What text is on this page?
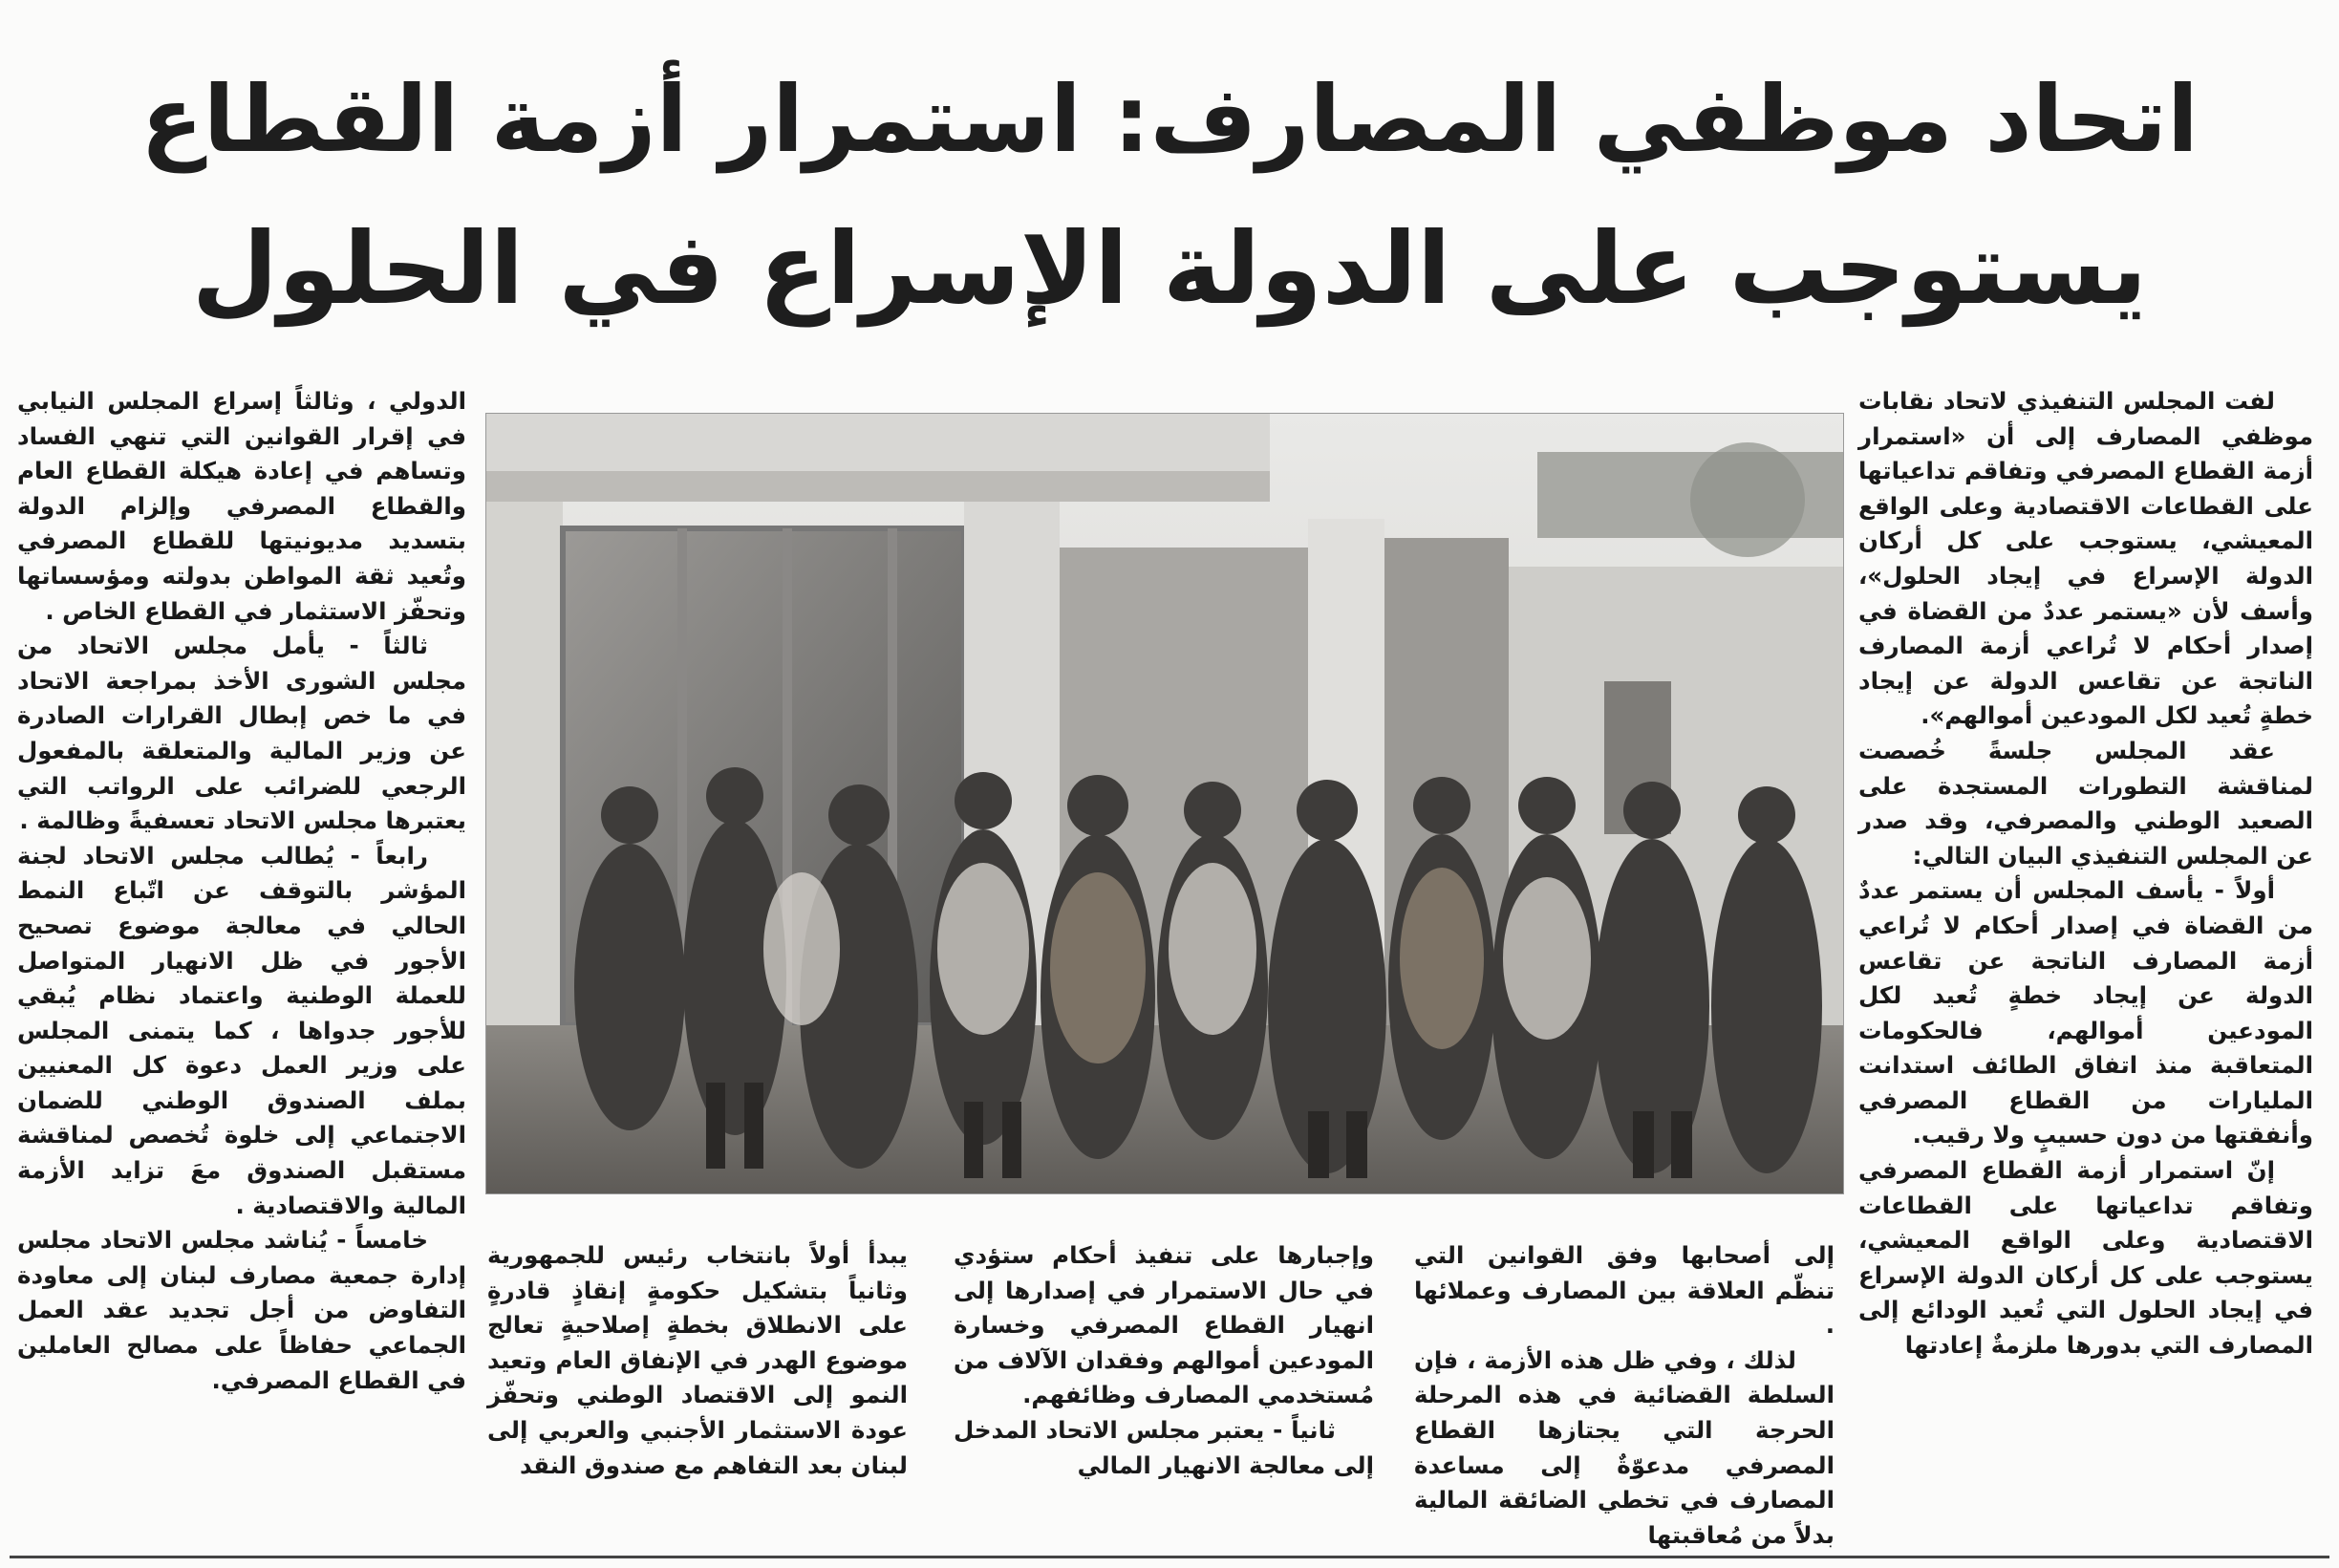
اتحاد موظفي المصارف: استمرار أزمة القطاع
يستوجب على الدولة الإسراع في الحلول

لفت المجلس التنفيذي لاتحاد نقابات موظفي المصارف إلى أن «استمرار أزمة القطاع المصرفي وتفاقم تداعياتها على القطاعات الاقتصادية وعلى الواقع المعيشي، يستوجب على كل أركان الدولة الإسراع في إيجاد الحلول»، وأسف لأن «يستمر عددٌ من القضاة في إصدار أحكام لا تُراعي أزمة المصارف الناتجة عن تقاعس الدولة عن إيجاد خطةٍ تُعيد لكل المودعين أموالهم».

عقد المجلس جلسةً خُصصت لمناقشة التطورات المستجدة على الصعيد الوطني والمصرفي، وقد صدر عن المجلس التنفيذي البيان التالي:

أولاً - يأسف المجلس أن يستمر عددٌ من القضاة في إصدار أحكام لا تُراعي أزمة المصارف الناتجة عن تقاعس الدولة عن إيجاد خطةٍ تُعيد لكل المودعين أموالهم، فالحكومات المتعاقبة منذ اتفاق الطائف استدانت المليارات من القطاع المصرفي وأنفقتها من دون حسيبٍ ولا رقيب.

إنّ استمرار أزمة القطاع المصرفي وتفاقم تداعياتها على القطاعات الاقتصادية وعلى الواقع المعيشي، يستوجب على كل أركان الدولة الإسراع في إيجاد الحلول التي تُعيد الودائع إلى المصارف التي بدورها ملزمةٌ إعادتها

إلى أصحابها وفق القوانين التي تنظّم العلاقة بين المصارف وعملائها .

لذلك ، وفي ظل هذه الأزمة ، فإن السلطة القضائية في هذه المرحلة الحرجة التي يجتازها القطاع المصرفي مدعوّةٌ إلى مساعدة المصارف في تخطي الضائقة المالية بدلاً من مُعاقبتها

وإجبارها على تنفيذ أحكام ستؤدي في حال الاستمرار في إصدارها إلى انهيار القطاع المصرفي وخسارة المودعين أموالهم وفقدان الآلاف من مُستخدمي المصارف وظائفهم.

ثانياً - يعتبر مجلس الاتحاد المدخل إلى معالجة الانهيار المالي

يبدأ أولاً بانتخاب رئيس للجمهورية وثانياً بتشكيل حكومةٍ إنقاذٍ قادرةٍ على الانطلاق بخطةٍ إصلاحيةٍ تعالج موضوع الهدر في الإنفاق العام وتعيد النمو إلى الاقتصاد الوطني وتحفّز عودة الاستثمار الأجنبي والعربي إلى لبنان بعد التفاهم مع صندوق النقد

الدولي ، وثالثاً إسراع المجلس النيابي في إقرار القوانين التي تنهي الفساد وتساهم في إعادة هيكلة القطاع العام والقطاع المصرفي وإلزام الدولة بتسديد مديونيتها للقطاع المصرفي وتُعيد ثقة المواطن بدولته ومؤسساتها وتحفّز الاستثمار في القطاع الخاص .

ثالثاً - يأمل مجلس الاتحاد من مجلس الشورى الأخذ بمراجعة الاتحاد في ما خص إبطال القرارات الصادرة عن وزير المالية والمتعلقة بالمفعول الرجعي للضرائب على الرواتب التي يعتبرها مجلس الاتحاد تعسفيةً وظالمة .

رابعاً - يُطالب مجلس الاتحاد لجنة المؤشر بالتوقف عن اتّباع النمط الحالي في معالجة موضوع تصحيح الأجور في ظل الانهيار المتواصل للعملة الوطنية واعتماد نظام يُبقي للأجور جدواها ، كما يتمنى المجلس على وزير العمل دعوة كل المعنيين بملف الصندوق الوطني للضمان الاجتماعي إلى خلوة تُخصص لمناقشة مستقبل الصندوق معَ تزايد الأزمة المالية والاقتصادية .

خامساً - يُناشد مجلس الاتحاد مجلس إدارة جمعية مصارف لبنان إلى معاودة التفاوض من أجل تجديد عقد العمل الجماعي حفاظاً على مصالح العاملين في القطاع المصرفي.
